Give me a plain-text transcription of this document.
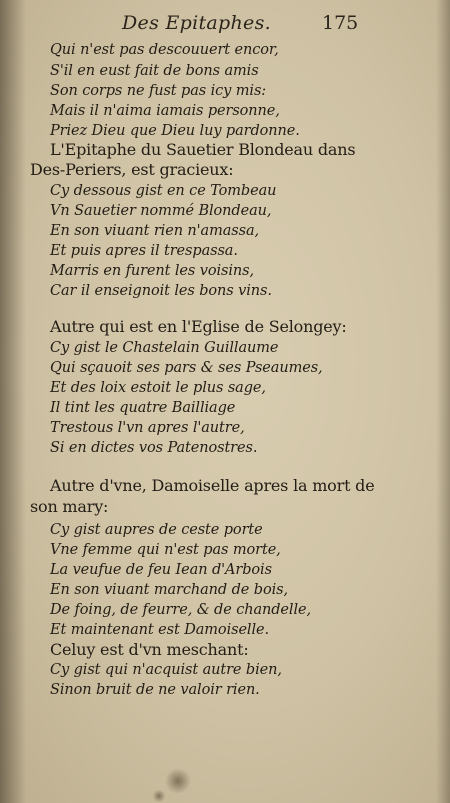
Des Epitaphes.	175
Qui n'est pas descouuert encor,
S'il en eust fait de bons amis
Son corps ne fust pas icy mis:
Mais il n'aima iamais personne,
Priez Dieu que Dieu luy pardonne.
L'Epitaphe du Sauetier Blondeau dans
Des-Periers, est gracieux:
Cy dessous gist en ce Tombeau
Vn Sauetier nommé Blondeau,
En son viuant rien n'amassa,
Et puis apres il trespassa.
Marris en furent les voisins,
Car il enseignoit les bons vins.
Autre qui est en l'Eglise de Selongey:
Cy gist le Chastelain Guillaume
Qui sçauoit ses pars & ses Pseaumes,
Et des loix estoit le plus sage,
Il tint les quatre Bailliage
Trestous l'vn apres l'autre,
Si en dictes vos Patenostres.
Autre d'vne, Damoiselle apres la mort de
son mary:
Cy gist aupres de ceste porte
Vne femme qui n'est pas morte,
La veufue de feu Iean d'Arbois
En son viuant marchand de bois,
De foing, de feurre, & de chandelle,
Et maintenant est Damoiselle.
Celuy est d'vn meschant:
Cy gist qui n'acquist autre bien,
Sinon bruit de ne valoir rien.
